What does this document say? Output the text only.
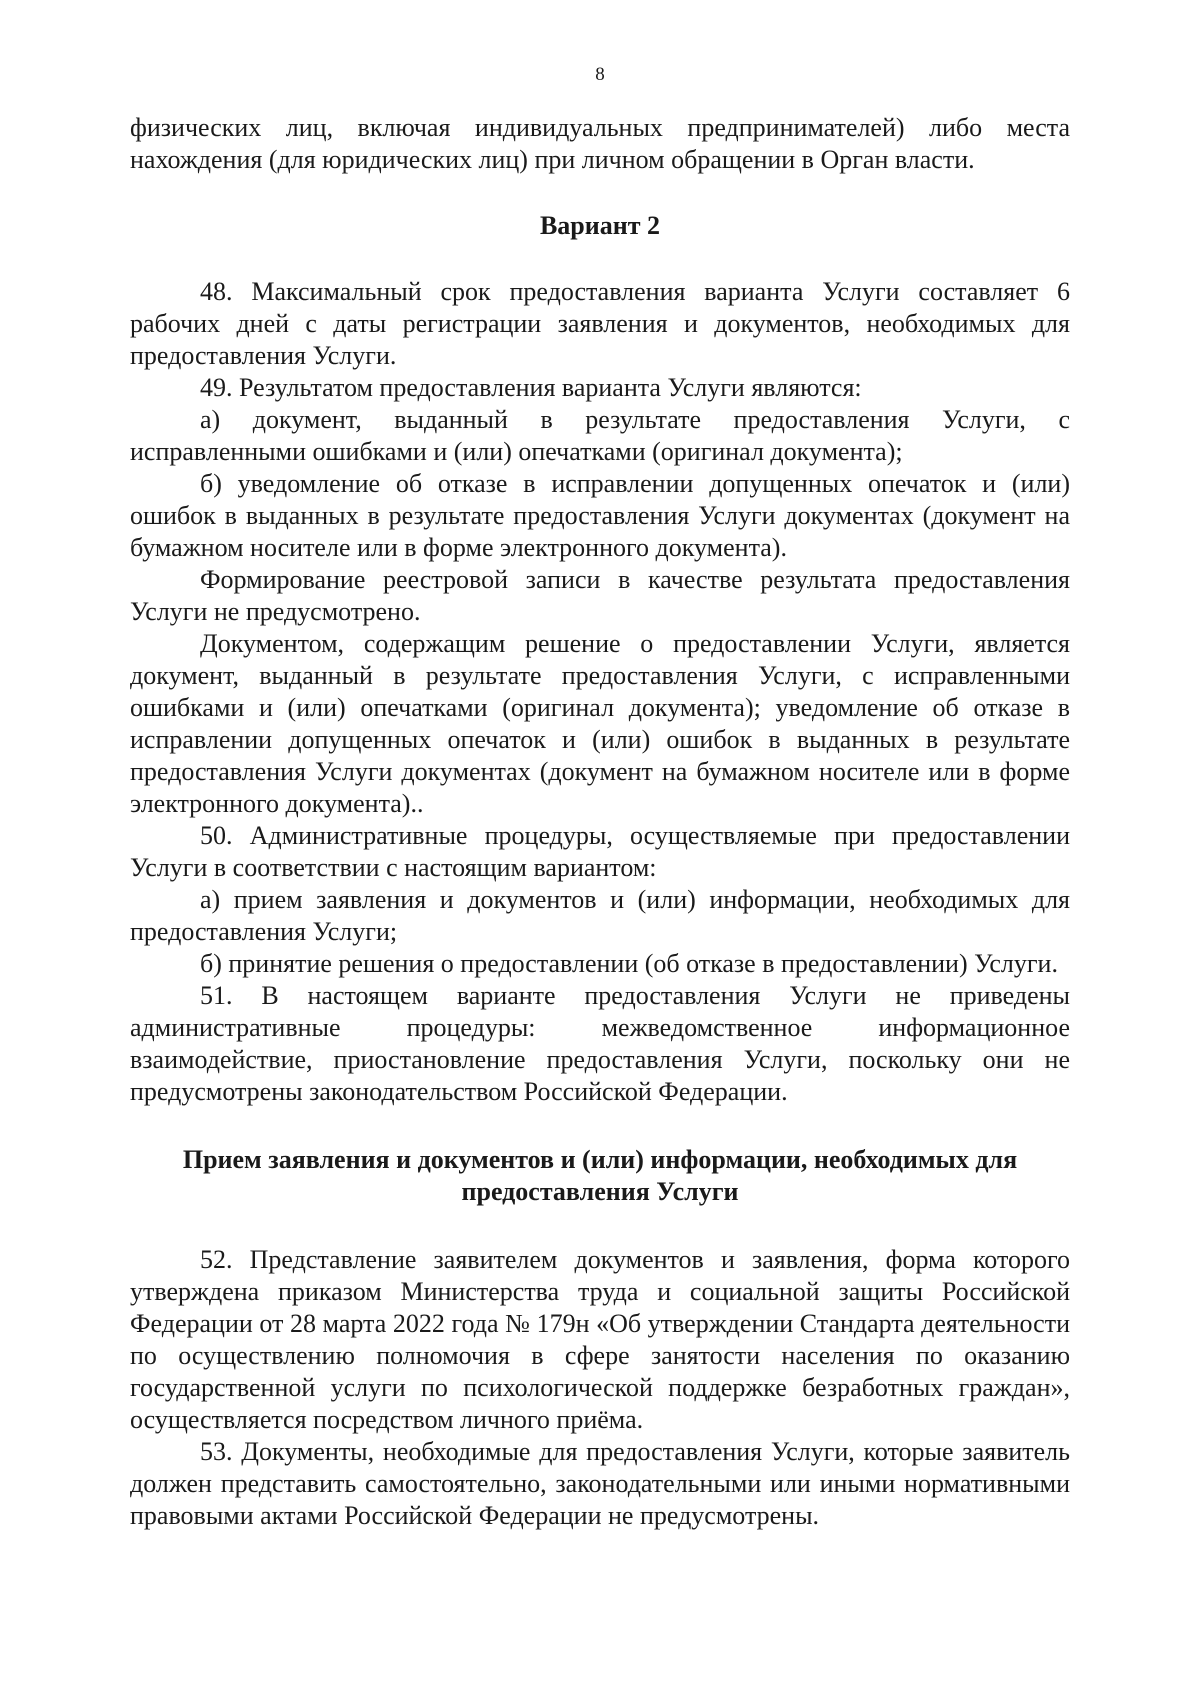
8

физических лиц, включая индивидуальных предпринимателей) либо места нахождения (для юридических лиц) при личном обращении в Орган власти.

Вариант 2

48. Максимальный срок предоставления варианта Услуги составляет 6 рабочих дней с даты регистрации заявления и документов, необходимых для предоставления Услуги.

49. Результатом предоставления варианта Услуги являются:

а) документ, выданный в результате предоставления Услуги, с исправленными ошибками и (или) опечатками (оригинал документа);

б) уведомление об отказе в исправлении допущенных опечаток и (или) ошибок в выданных в результате предоставления Услуги документах (документ на бумажном носителе или в форме электронного документа).

Формирование реестровой записи в качестве результата предоставления Услуги не предусмотрено.

Документом, содержащим решение о предоставлении Услуги, является документ, выданный в результате предоставления Услуги, с исправленными ошибками и (или) опечатками (оригинал документа); уведомление об отказе в исправлении допущенных опечаток и (или) ошибок в выданных в результате предоставления Услуги документах (документ на бумажном носителе или в форме электронного документа)..

50. Административные процедуры, осуществляемые при предоставлении Услуги в соответствии с настоящим вариантом:

а) прием заявления и документов и (или) информации, необходимых для предоставления Услуги;

б) принятие решения о предоставлении (об отказе в предоставлении) Услуги.

51. В настоящем варианте предоставления Услуги не приведены административные процедуры: межведомственное информационное взаимодействие, приостановление предоставления Услуги, поскольку они не предусмотрены законодательством Российской Федерации.

Прием заявления и документов и (или) информации, необходимых для

предоставления Услуги

52. Представление заявителем документов и заявления, форма которого утверждена приказом Министерства труда и социальной защиты Российской Федерации от 28 марта 2022 года № 179н «Об утверждении Стандарта деятельности по осуществлению полномочия в сфере занятости населения по оказанию государственной услуги по психологической поддержке безработных граждан», осуществляется посредством личного приёма.

53. Документы, необходимые для предоставления Услуги, которые заявитель должен представить самостоятельно, законодательными или иными нормативными правовыми актами Российской Федерации не предусмотрены.
